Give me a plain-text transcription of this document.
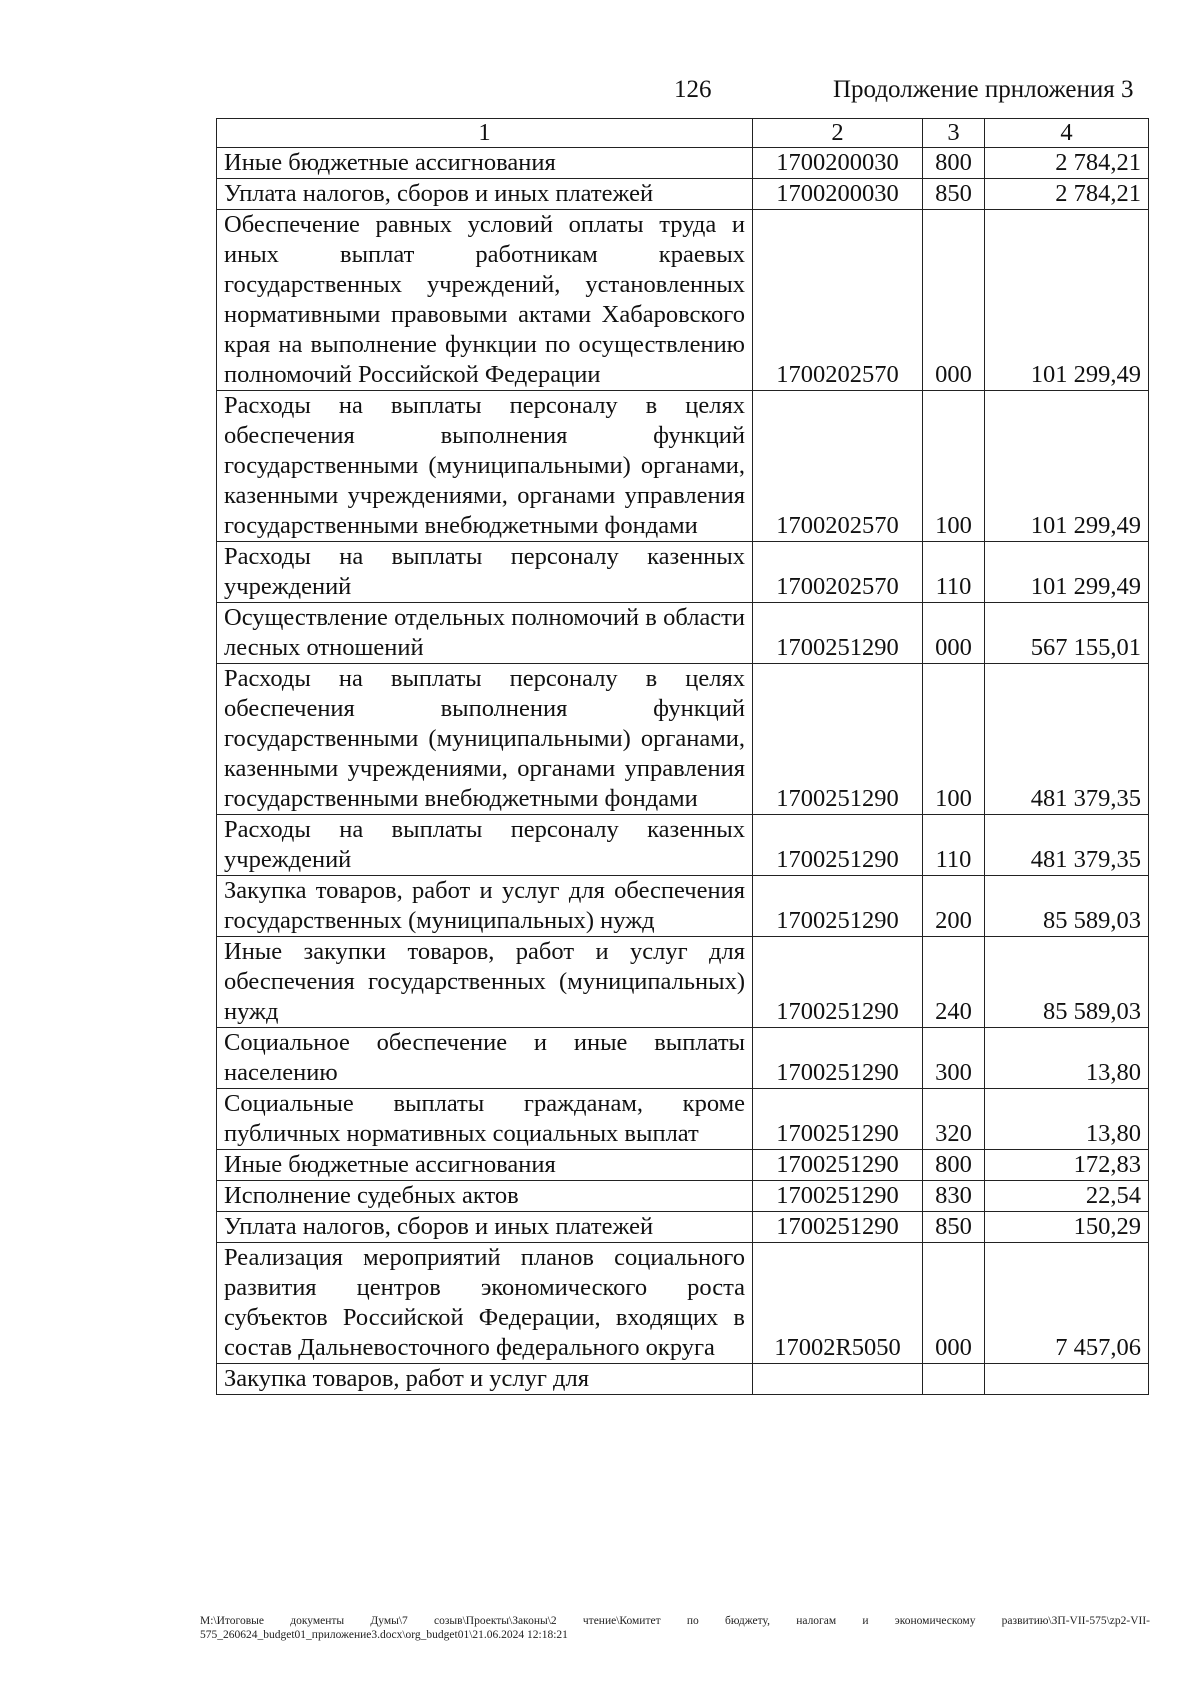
126	Продолжение прнложения 3
1	2	3	4
Иные бюджетные ассигнования	1700200030	800	2 784,21
Уплата налогов, сборов и иных платежей	1700200030	850	2 784,21
Обеспечение равных условий оплаты труда и иных выплат работникам краевых государственных учреждений, установленных нормативными правовыми актами Хабаровского края на выполнение функции по осуществлению полномочий Российской Федерации	1700202570	000	101 299,49
Расходы на выплаты персоналу в целях обеспечения выполнения функций государственными (муниципальными) органами, казенными учреждениями, органами управления государственными внебюджетными фондами	1700202570	100	101 299,49
Расходы на выплаты персоналу казенных учреждений	1700202570	110	101 299,49
Осуществление отдельных полномочий в области лесных отношений	1700251290	000	567 155,01
Расходы на выплаты персоналу в целях обеспечения выполнения функций государственными (муниципальными) органами, казенными учреждениями, органами управления государственными внебюджетными фондами	1700251290	100	481 379,35
Расходы на выплаты персоналу казенных учреждений	1700251290	110	481 379,35
Закупка товаров, работ и услуг для обеспечения государственных (муниципальных) нужд	1700251290	200	85 589,03
Иные закупки товаров, работ и услуг для обеспечения государственных (муниципальных) нужд	1700251290	240	85 589,03
Социальное обеспечение и иные выплаты населению	1700251290	300	13,80
Социальные выплаты гражданам, кроме публичных нормативных социальных выплат	1700251290	320	13,80
Иные бюджетные ассигнования	1700251290	800	172,83
Исполнение судебных актов	1700251290	830	22,54
Уплата налогов, сборов и иных платежей	1700251290	850	150,29
Реализация мероприятий планов социального развития центров экономического роста субъектов Российской Федерации, входящих в состав Дальневосточного федерального округа	17002R5050	000	7 457,06
Закупка товаров, работ и услуг для			
M:\Итоговые документы Думы\7 созыв\Проекты\Законы\2 чтение\Комитет по бюджету, налогам и экономическому развитию\ЗП-VII-575\zp2-VII-575_260624_budget01_приложение3.docx\org_budget01\21.06.2024 12:18:21
